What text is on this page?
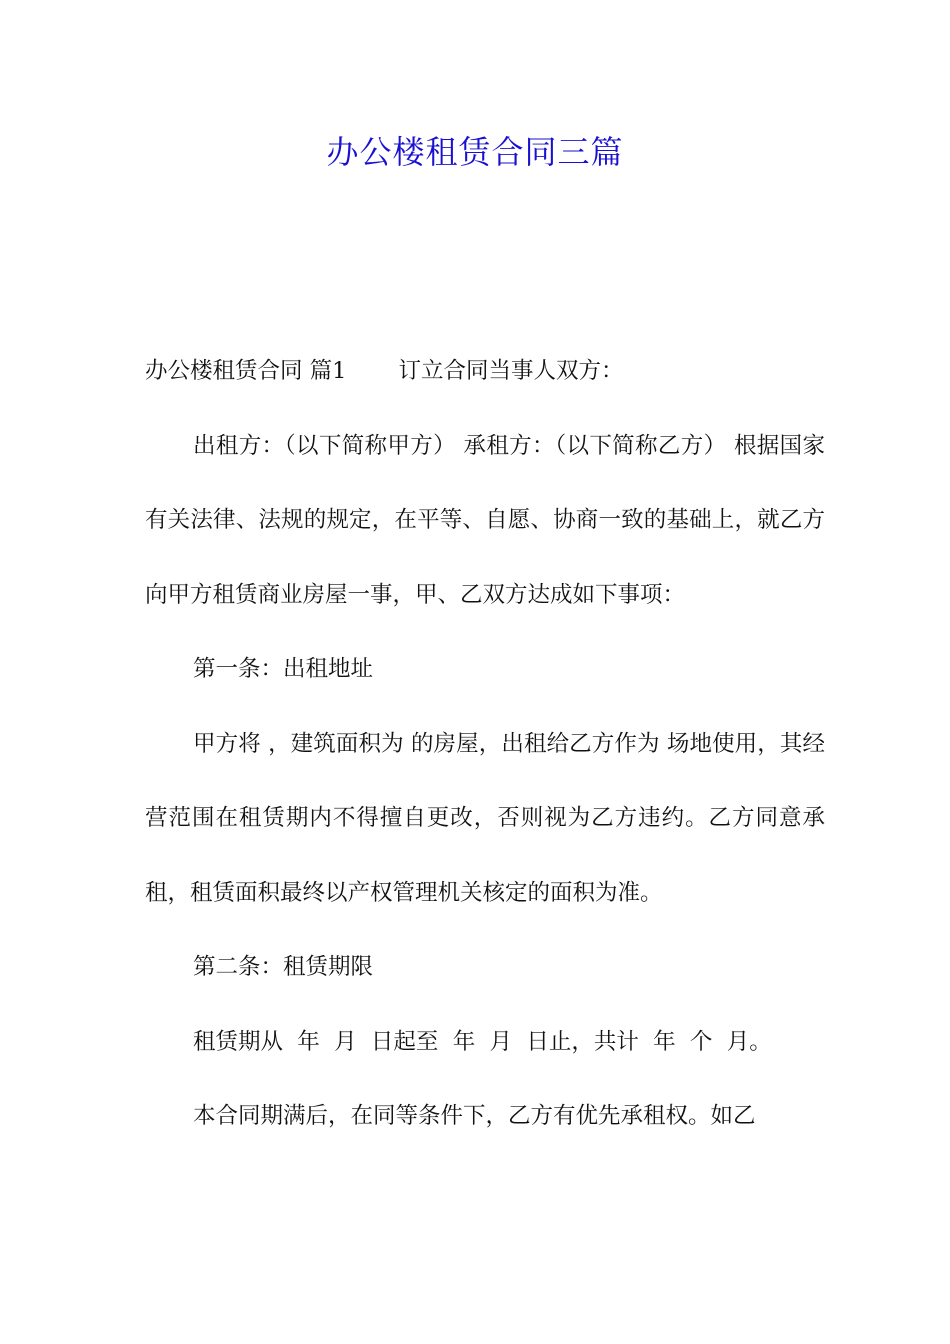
办公楼租赁合同三篇

办公楼租赁合同 篇1 订立合同当事人双方：

出租方：（以下简称甲方） 承租方：（以下简称乙方） 根据国家有关法律、法规的规定，在平等、自愿、协商一致的基础上，就乙方向甲方租赁商业房屋一事，甲、乙双方达成如下事项：

第一条：出租地址

甲方将 ，建筑面积为 的房屋，出租给乙方作为 场地使用，其经营范围在租赁期内不得擅自更改，否则视为乙方违约。乙方同意承租，租赁面积最终以产权管理机关核定的面积为准。

第二条：租赁期限

租赁期从  年  月  日起至  年  月  日止，共计  年  个  月。

本合同期满后，在同等条件下，乙方有优先承租权。如乙
